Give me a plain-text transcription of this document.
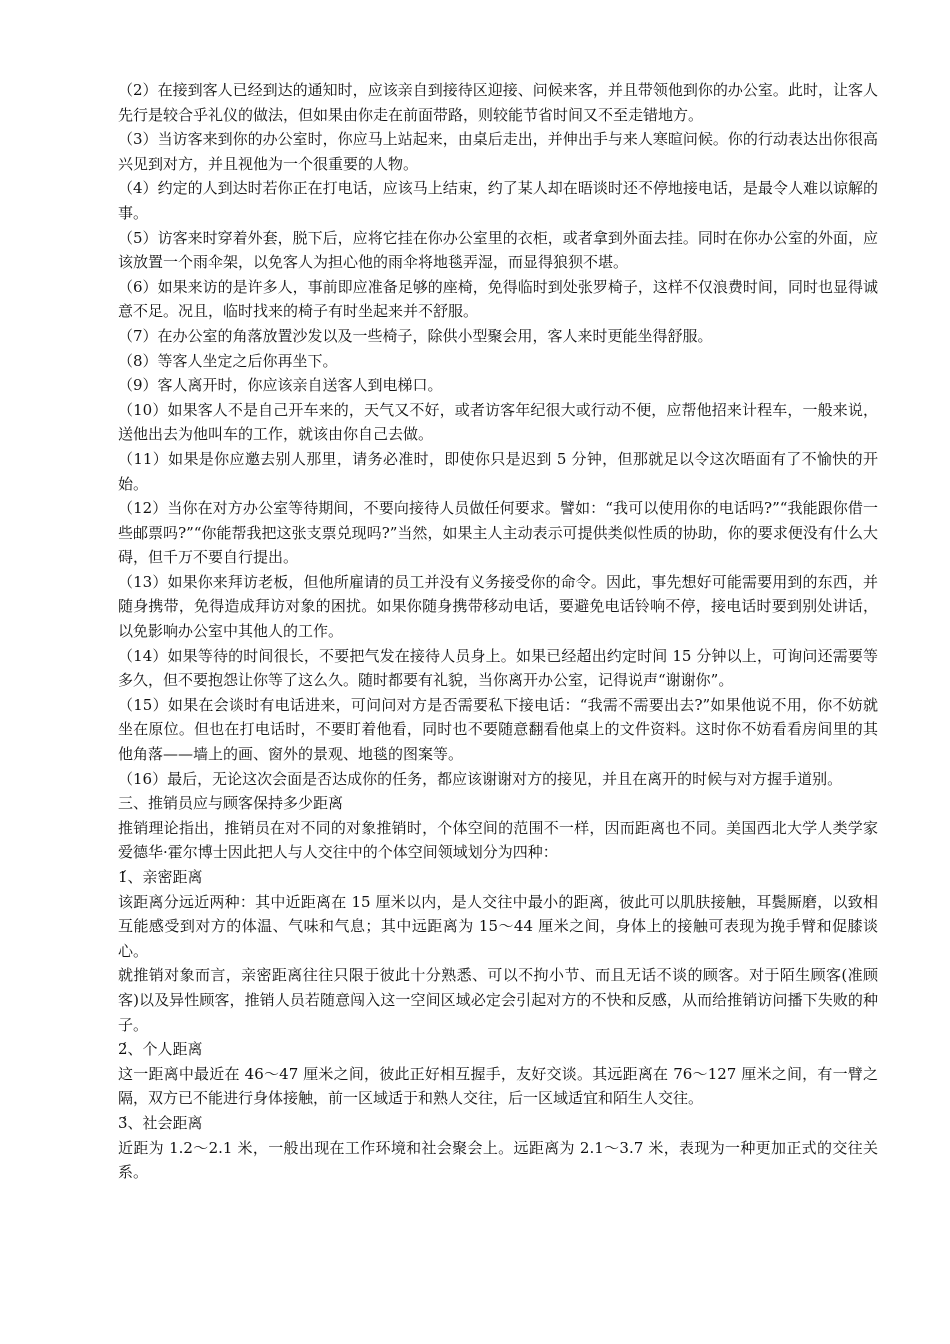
（2）在接到客人已经到达的通知时，应该亲自到接待区迎接、问候来客，并且带领他到你的办公室。此时，让客人先行是较合乎礼仪的做法，但如果由你走在前面带路，则较能节省时间又不至走错地方。

（3）当访客来到你的办公室时，你应马上站起来，由桌后走出，并伸出手与来人寒暄问候。你的行动表达出你很高兴见到对方，并且视他为一个很重要的人物。

（4）约定的人到达时若你正在打电话，应该马上结束，约了某人却在晤谈时还不停地接电话，是最令人难以谅解的事。

（5）访客来时穿着外套，脱下后，应将它挂在你办公室里的衣柜，或者拿到外面去挂。同时在你办公室的外面，应该放置一个雨伞架，以免客人为担心他的雨伞将地毯弄湿，而显得狼狈不堪。

（6）如果来访的是许多人，事前即应准备足够的座椅，免得临时到处张罗椅子，这样不仅浪费时间，同时也显得诚意不足。况且，临时找来的椅子有时坐起来并不舒服。

（7）在办公室的角落放置沙发以及一些椅子，除供小型聚会用，客人来时更能坐得舒服。

（8）等客人坐定之后你再坐下。

（9）客人离开时，你应该亲自送客人到电梯口。

（10）如果客人不是自己开车来的，天气又不好，或者访客年纪很大或行动不便，应帮他招来计程车，一般来说，送他出去为他叫车的工作，就该由你自己去做。

（11）如果是你应邀去别人那里，请务必准时，即使你只是迟到 5 分钟，但那就足以令这次晤面有了不愉快的开始。

（12）当你在对方办公室等待期间，不要向接待人员做任何要求。譬如：“我可以使用你的电话吗?”“我能跟你借一些邮票吗?”“你能帮我把这张支票兑现吗?”当然，如果主人主动表示可提供类似性质的协助，你的要求便没有什么大碍，但千万不要自行提出。

（13）如果你来拜访老板，但他所雇请的员工并没有义务接受你的命令。因此，事先想好可能需要用到的东西，并随身携带，免得造成拜访对象的困扰。如果你随身携带移动电话，要避免电话铃响不停，接电话时要到别处讲话，以免影响办公室中其他人的工作。

（14）如果等待的时间很长，不要把气发在接待人员身上。如果已经超出约定时间 15 分钟以上，可询问还需要等多久，但不要抱怨让你等了这么久。随时都要有礼貌，当你离开办公室，记得说声“谢谢你”。

（15）如果在会谈时有电话进来，可问问对方是否需要私下接电话：“我需不需要出去?”如果他说不用，你不妨就坐在原位。但也在打电话时，不要盯着他看，同时也不要随意翻看他桌上的文件资料。这时你不妨看看房间里的其他角落——墙上的画、窗外的景观、地毯的图案等。

（16）最后，无论这次会面是否达成你的任务，都应该谢谢对方的接见，并且在离开的时候与对方握手道别。

三、推销员应与顾客保持多少距离

推销理论指出，推销员在对不同的对象推销时，个体空间的范围不一样，因而距离也不同。美国西北大学人类学家爱德华·霍尔博士因此把人与人交往中的个体空间领域划分为四种：

1́、亲密距离

该距离分远近两种：其中近距离在 15 厘米以内，是人交往中最小的距离，彼此可以肌肤接触，耳鬓厮磨，以致相互能感受到对方的体温、气味和气息；其中远距离为 15～44 厘米之间，身体上的接触可表现为挽手臂和促膝谈心。

就推销对象而言，亲密距离往往只限于彼此十分熟悉、可以不拘小节、而且无话不谈的顾客。对于陌生顾客(准顾客)以及异性顾客，推销人员若随意闯入这一空间区域必定会引起对方的不快和反感，从而给推销访问播下失败的种子。

2́、个人距离

这一距离中最近在 46～47 厘米之间，彼此正好相互握手，友好交谈。其远距离在 76～127 厘米之间，有一臂之隔，双方已不能进行身体接触，前一区域适于和熟人交往，后一区域适宜和陌生人交往。

3́、社会距离

近距为 1.2～2.1 米，一般出现在工作环境和社会聚会上。远距离为 2.1～3.7 米，表现为一种更加正式的交往关系。
